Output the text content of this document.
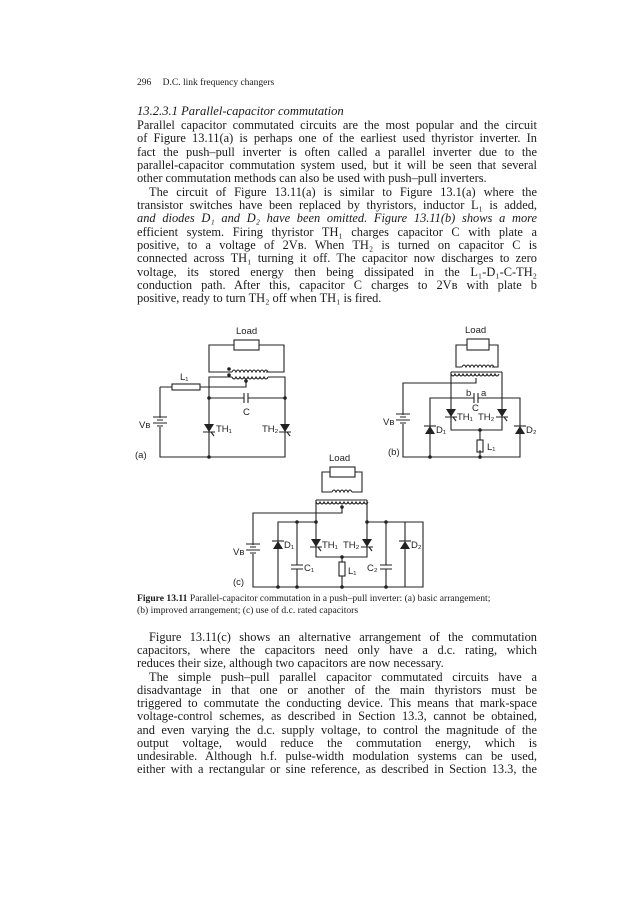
296 D.C. link frequency changers
13.2.3.1 Parallel-capacitor commutation
Parallel capacitor commutated circuits are the most popular and the circuit
of Figure 13.11(a) is perhaps one of the earliest used thyristor inverter. In
fact the push–pull inverter is often called a parallel inverter due to the
parallel-capacitor commutation system used, but it will be seen that several
other commutation methods can also be used with push–pull inverters.
The circuit of Figure 13.11(a) is similar to Figure 13.1(a) where the
transistor switches have been replaced by thyristors, inductor L₁ is added,
and diodes D₁ and D₂ have been omitted. Figure 13.11(b) shows a more
efficient system. Firing thyristor TH₁ charges capacitor C with plate a
positive, to a voltage of 2Vʙ. When TH₂ is turned on capacitor C is
connected across TH₁ turning it off. The capacitor now discharges to zero
voltage, its stored energy then being dissipated in the L₁-D₁-C-TH₂
conduction path. After this, capacitor C charges to 2Vʙ with plate b
positive, ready to turn TH₂ off when TH₁ is fired.
Load
L₁
C
TH₁	TH₂
Vʙ
(a)
Load
b a
C
TH₁ TH₂
L₁
D₁	D₂
Vʙ
(b)
Load
TH₁ TH₂
L₁
C₁	C₂
D₁	D₂
Vʙ
(c)
Figure 13.11 Parallel-capacitor commutation in a push–pull inverter: (a) basic arrangement;
(b) improved arrangement; (c) use of d.c. rated capacitors
Figure 13.11(c) shows an alternative arrangement of the commutation
capacitors, where the capacitors need only have a d.c. rating, which
reduces their size, although two capacitors are now necessary.
The simple push–pull parallel capacitor commutated circuits have a
disadvantage in that one or another of the main thyristors must be
triggered to commutate the conducting device. This means that mark-space
voltage-control schemes, as described in Section 13.3, cannot be obtained,
and even varying the d.c. supply voltage, to control the magnitude of the
output voltage, would reduce the commutation energy, which is
undesirable. Although h.f. pulse-width modulation systems can be used,
either with a rectangular or sine reference, as described in Section 13.3, the
